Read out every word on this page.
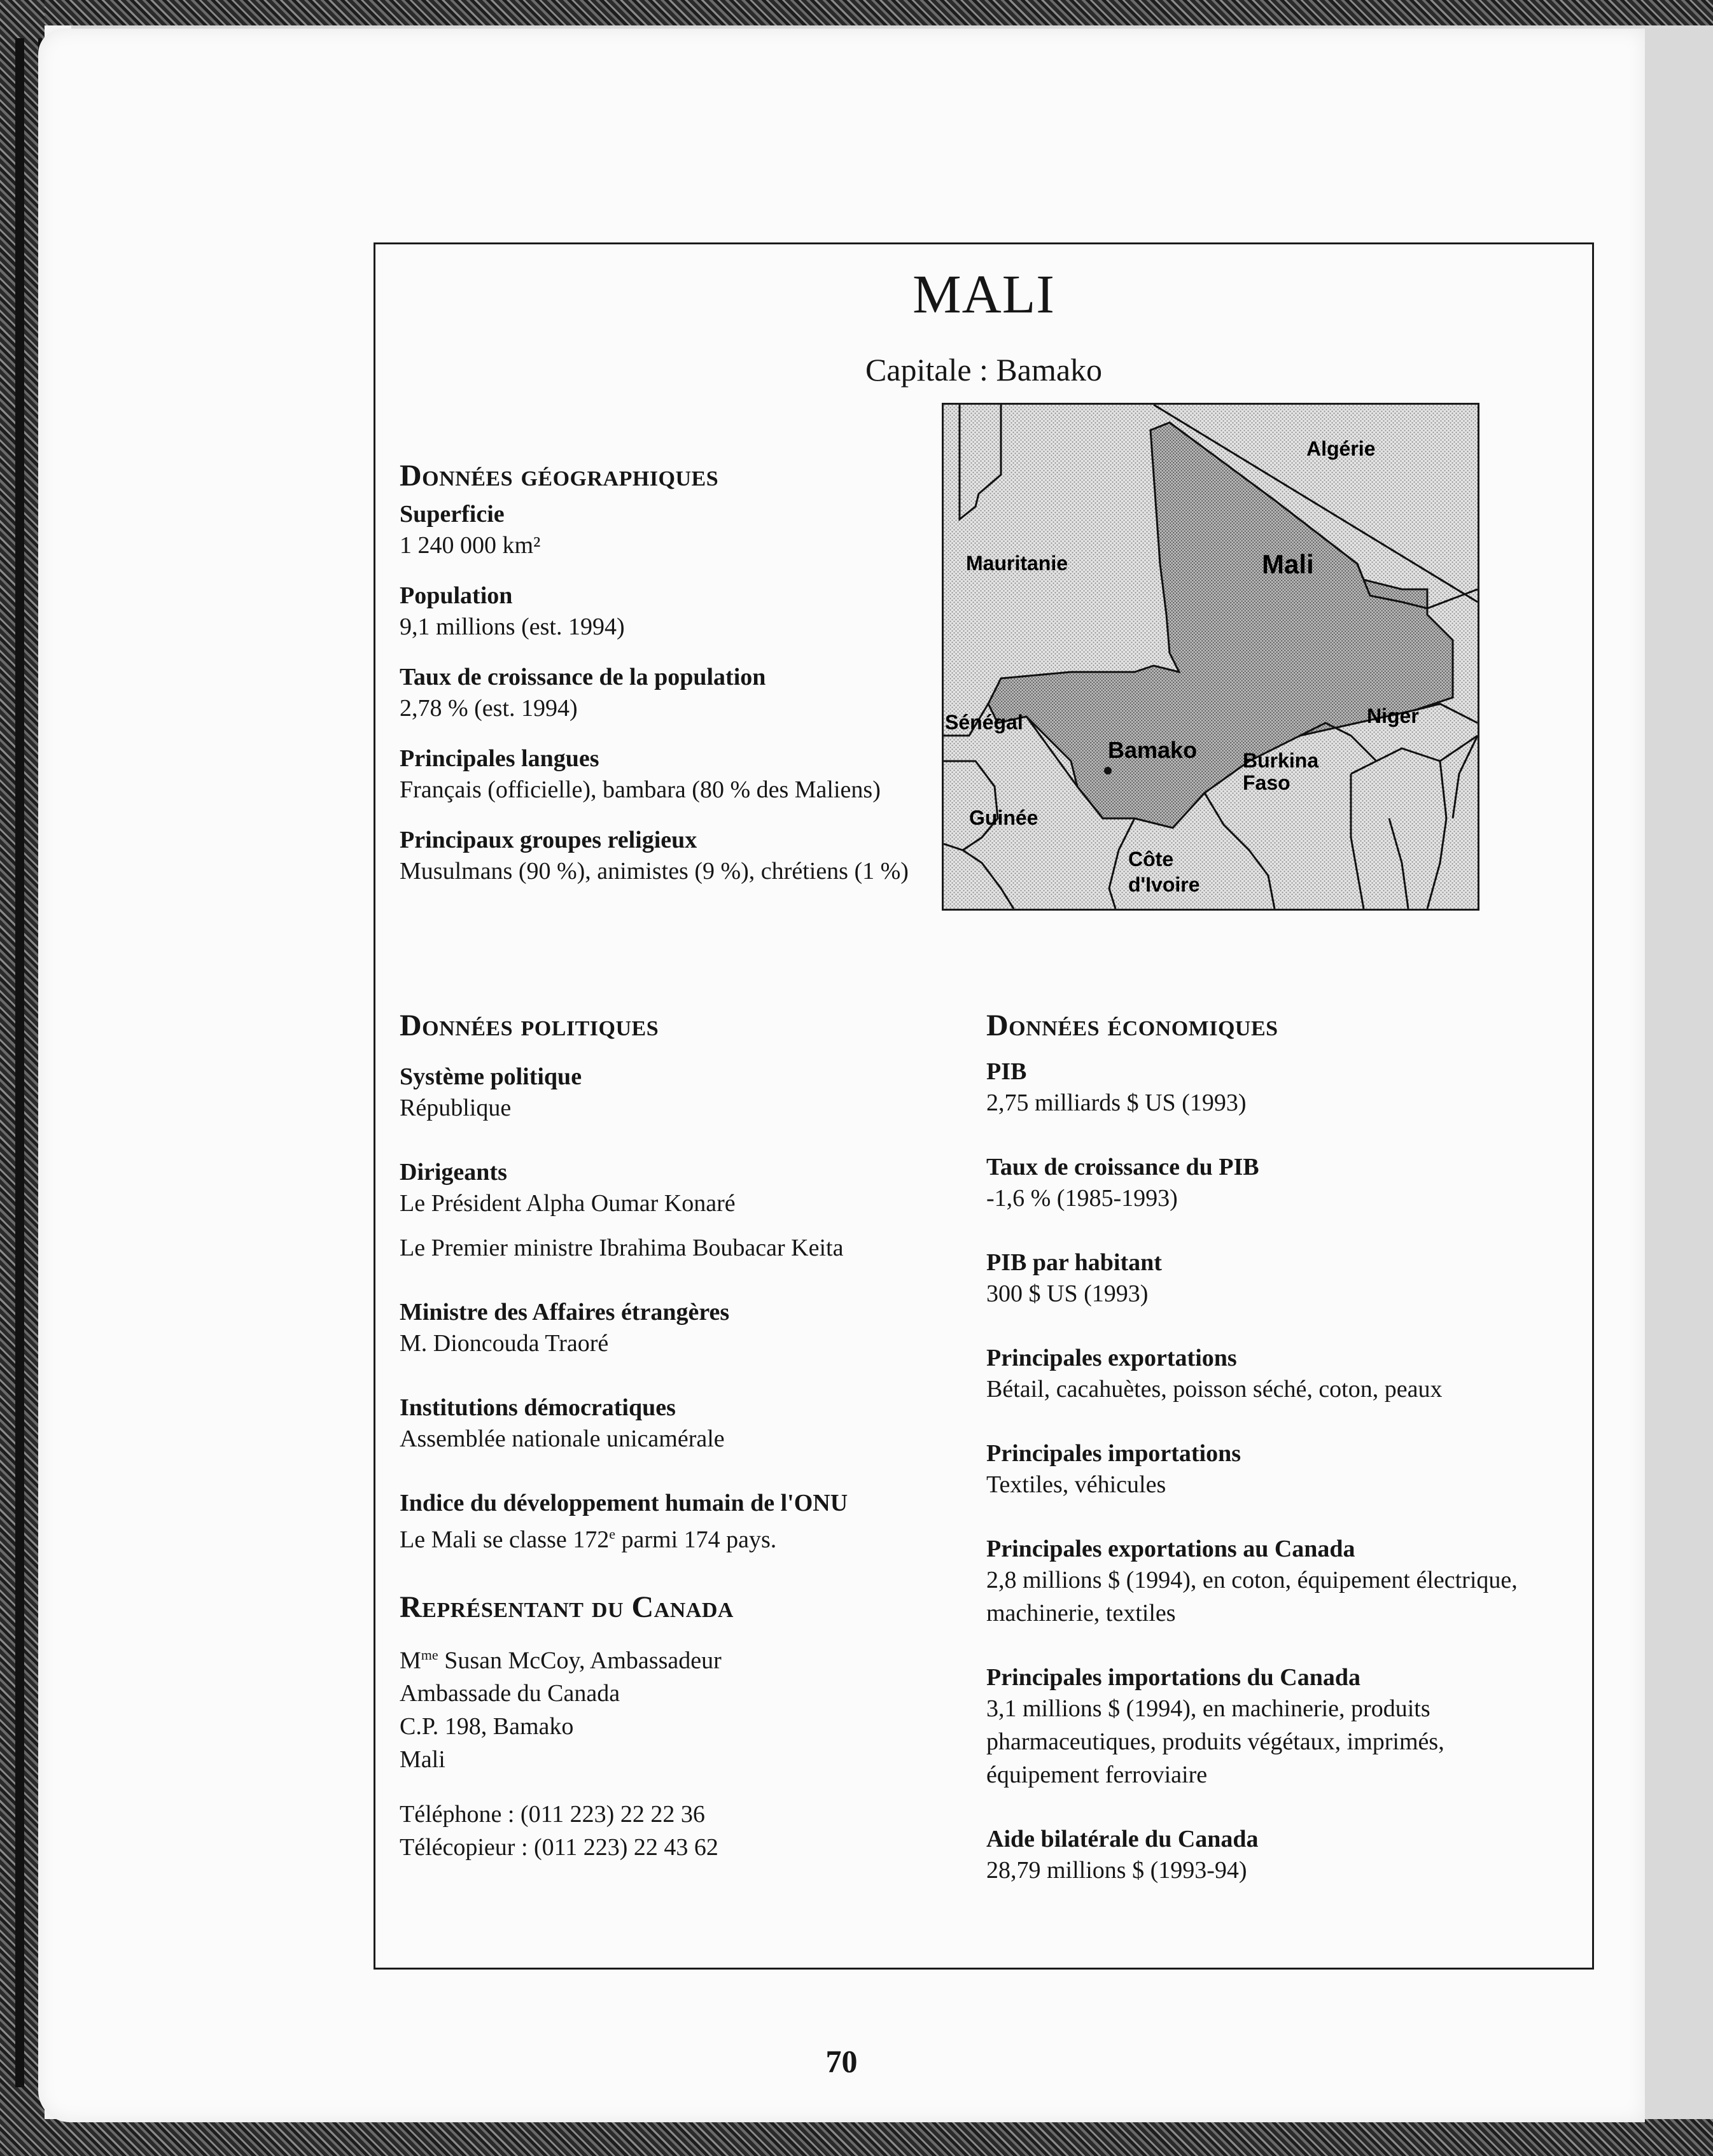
MALI
Capitale : Bamako
Données géographiques
Superficie
1 240 000 km²
Population
9,1 millions (est. 1994)
Taux de croissance de la population
2,78 % (est. 1994)
Principales langues
Français (officielle), bambara (80 % des Maliens)
Principaux groupes religieux
Musulmans (90 %), animistes (9 %), chrétiens (1 %)
Données politiques
Système politique
République
Dirigeants
Le Président Alpha Oumar Konaré
Le Premier ministre Ibrahima Boubacar Keita
Ministre des Affaires étrangères
M. Dioncouda Traoré
Institutions démocratiques
Assemblée nationale unicamérale
Indice du développement humain de l'ONU
Le Mali se classe 172e parmi 174 pays.
Représentant du Canada
$M^{me}$ Susan McCoy, Ambassadeur
Ambassade du Canada
C.P. 198, Bamako
Mali
Téléphone : (011 223) 22 22 36
Télécopieur : (011 223) 22 43 62
Données économiques
PIB
2,75 milliards $ US (1993)
Taux de croissance du PIB
-1,6 % (1985-1993)
PIB par habitant
300 $ US (1993)
Principales exportations
Bétail, cacahuètes, poisson séché, coton, peaux
Principales importations
Textiles, véhicules
Principales exportations au Canada
2,8 millions $ (1994), en coton, équipement électrique, machinerie, textiles
Principales importations du Canada
3,1 millions $ (1994), en machinerie, produits pharmaceutiques, produits végétaux, imprimés, équipement ferroviaire
Aide bilatérale du Canada
28,79 millions $ (1993-94)
Algérie
Mauritanie	Mali
Sénégal	Niger
Bamako Burkina
Faso
Guinée
Côte
d'Ivoire
70
